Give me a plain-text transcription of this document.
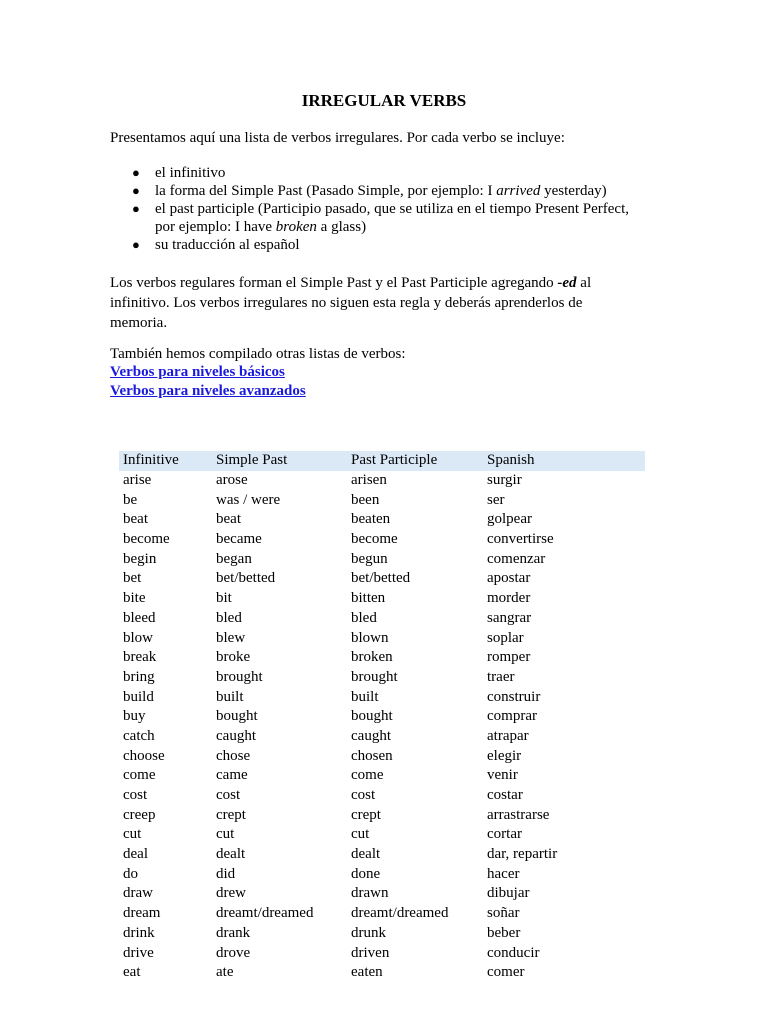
IRREGULAR VERBS

Presentamos aquí una lista de verbos irregulares. Por cada verbo se incluye:

● el infinitivo
● la forma del Simple Past (Pasado Simple, por ejemplo: I arrived yesterday)
● el past participle (Participio pasado, que se utiliza en el tiempo Present Perfect,
por ejemplo: I have broken a glass)
● su traducción al español

Los verbos regulares forman el Simple Past y el Past Participle agregando -ed al infinitivo. Los verbos irregulares no siguen esta regla y deberás aprenderlos de memoria.

También hemos compilado otras listas de verbos:

Verbos para niveles básicos
Verbos para niveles avanzados
Infinitive	Simple Past	Past Participle	Spanish
arise	arose	arisen	surgir
be	was / were	been	ser
beat	beat	beaten	golpear
become	became	become	convertirse
begin	began	begun	comenzar
bet	bet/betted	bet/betted	apostar
bite	bit	bitten	morder
bleed	bled	bled	sangrar
blow	blew	blown	soplar
break	broke	broken	romper
bring	brought	brought	traer
build	built	built	construir
buy	bought	bought	comprar
catch	caught	caught	atrapar
choose	chose	chosen	elegir
come	came	come	venir
cost	cost	cost	costar
creep	crept	crept	arrastrarse
cut	cut	cut	cortar
deal	dealt	dealt	dar, repartir
do	did	done	hacer
draw	drew	drawn	dibujar
dream	dreamt/dreamed	dreamt/dreamed	soñar
drink	drank	drunk	beber
drive	drove	driven	conducir
eat	ate	eaten	comer
